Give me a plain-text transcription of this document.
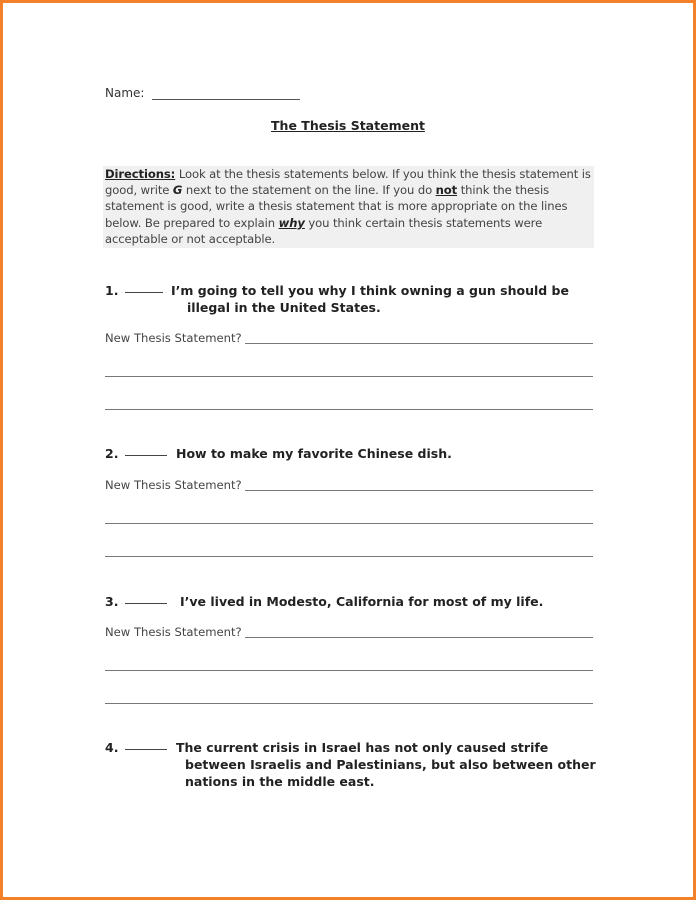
Name:
The Thesis Statement
Directions: Look at the thesis statements below. If you think the thesis statement is good, write G next to the statement on the line. If you do not think the thesis statement is good, write a thesis statement that is more appropriate on the lines below. Be prepared to explain why you think certain thesis statements were acceptable or not acceptable.
1.	I’m going to tell you why I think owning a gun should be
illegal in the United States.
New Thesis Statement?
2.	How to make my favorite Chinese dish.
New Thesis Statement?
3.	I’ve lived in Modesto, California for most of my life.
New Thesis Statement?
4.	The current crisis in Israel has not only caused strife
between Israelis and Palestinians, but also between other
nations in the middle east.
